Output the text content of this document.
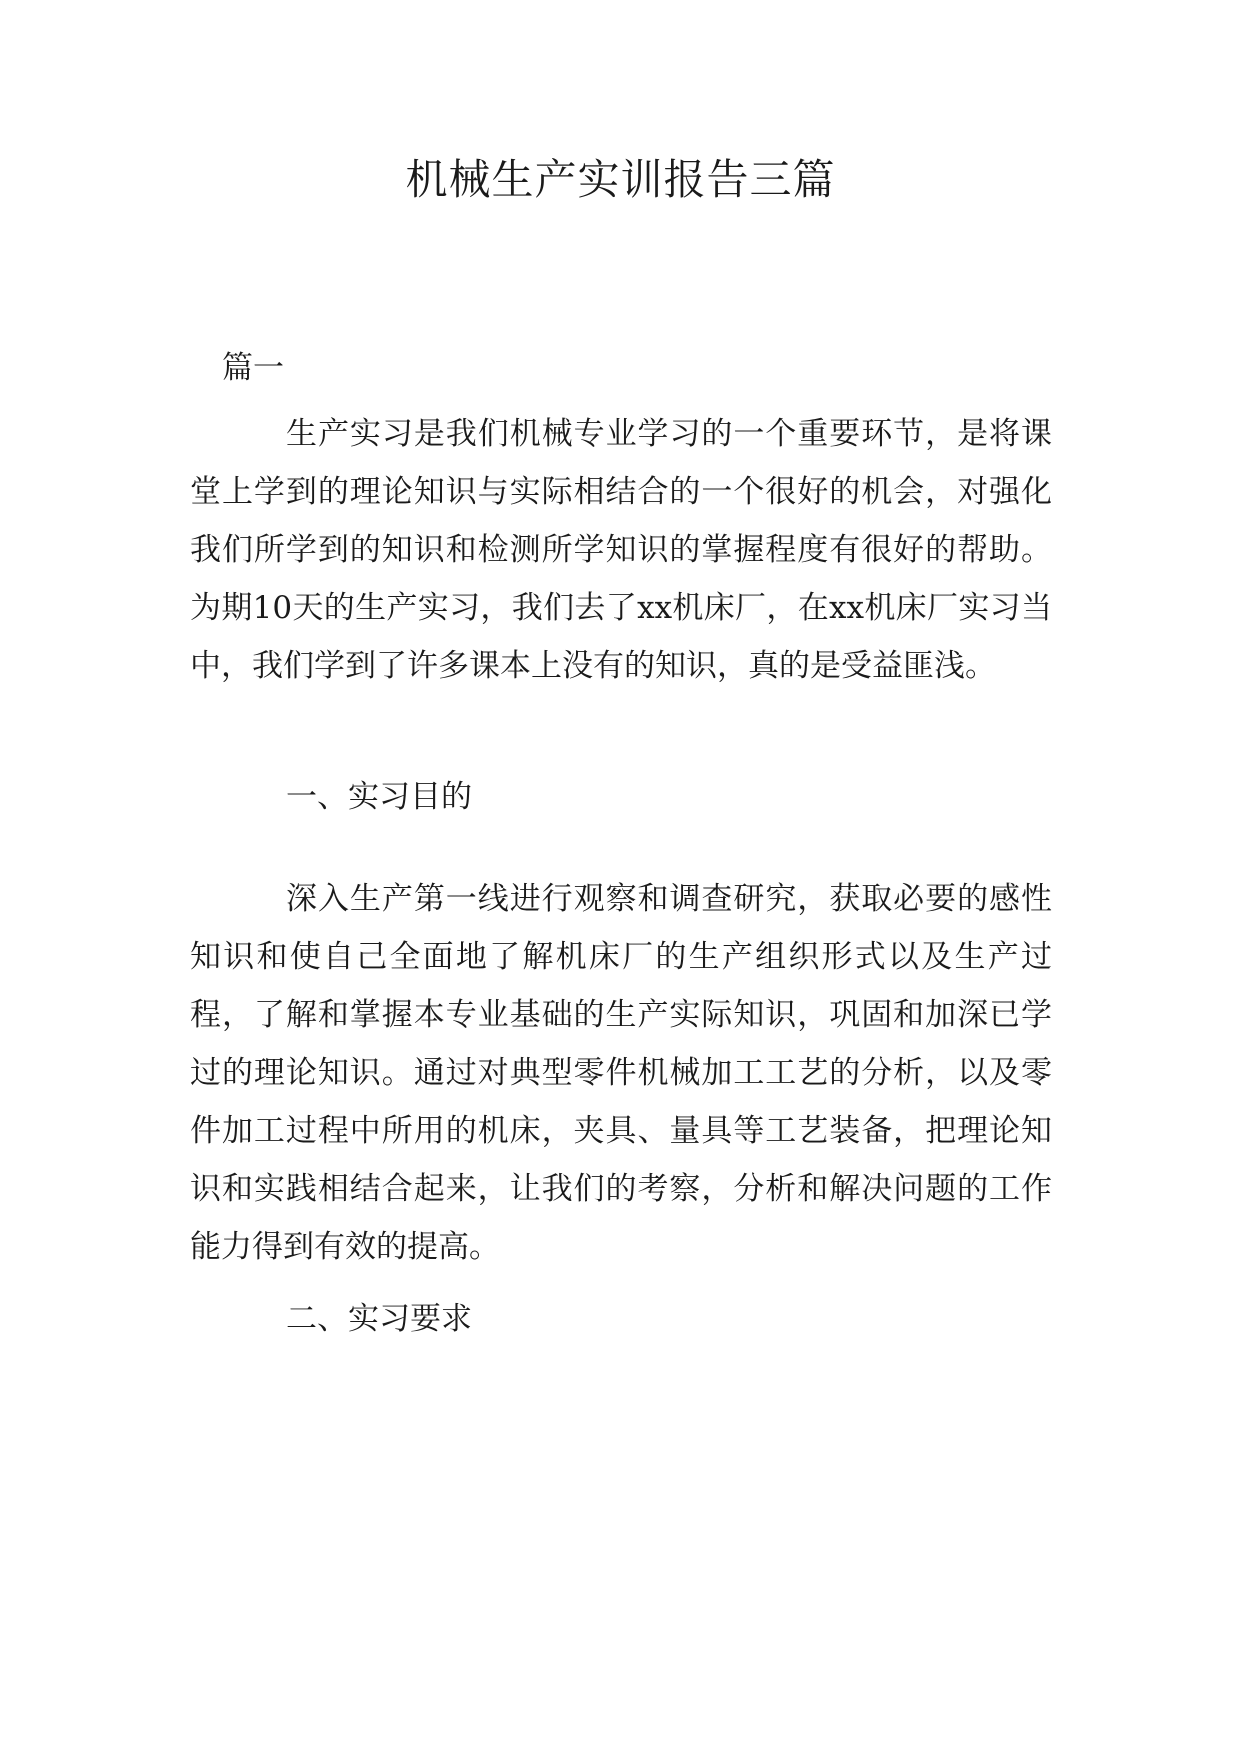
机械生产实训报告三篇

篇一

生产实习是我们机械专业学习的一个重要环节，是将课堂上学到的理论知识与实际相结合的一个很好的机会，对强化我们所学到的知识和检测所学知识的掌握程度有很好的帮助。为期10天的生产实习，我们去了xx机床厂，在xx机床厂实习当中，我们学到了许多课本上没有的知识，真的是受益匪浅。

一、实习目的

深入生产第一线进行观察和调查研究，获取必要的感性知识和使自己全面地了解机床厂的生产组织形式以及生产过程，了解和掌握本专业基础的生产实际知识，巩固和加深已学过的理论知识。通过对典型零件机械加工工艺的分析，以及零件加工过程中所用的机床，夹具、量具等工艺装备，把理论知识和实践相结合起来，让我们的考察，分析和解决问题的工作能力得到有效的提高。

二、实习要求
